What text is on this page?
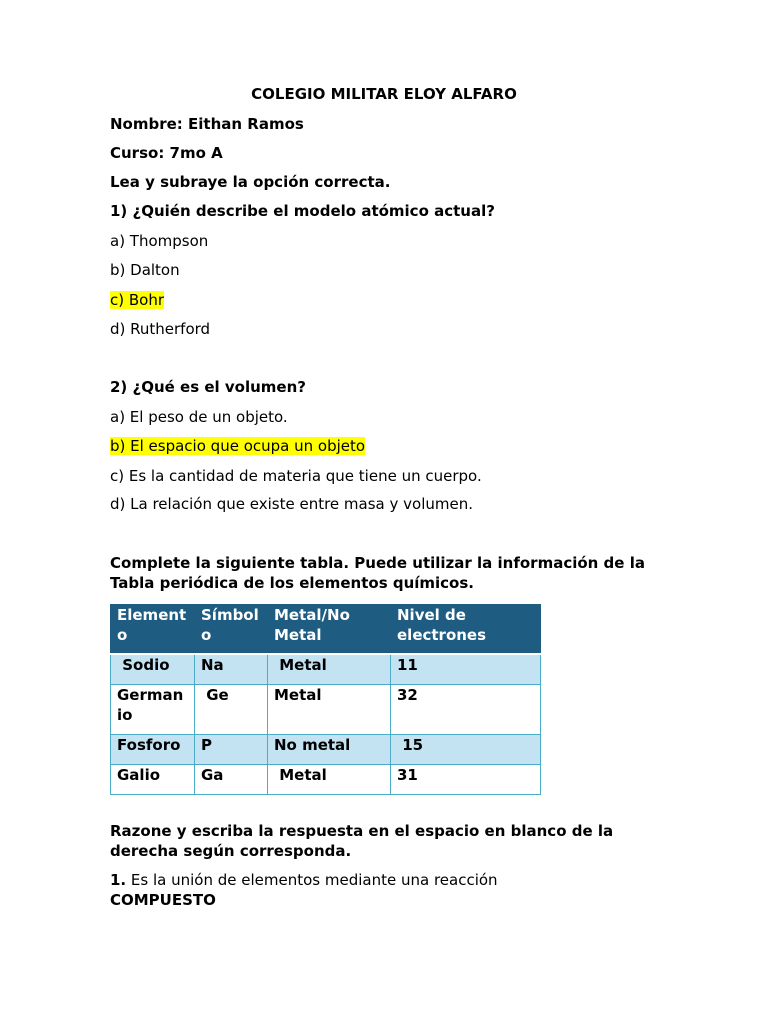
COLEGIO MILITAR ELOY ALFARO
Nombre: Eithan Ramos
Curso: 7mo A
Lea y subraye la opción correcta.
1) ¿Quién describe el modelo atómico actual?
a) Thompson
b) Dalton
c) Bohr
d) Rutherford
2) ¿Qué es el volumen?
a) El peso de un objeto.
b) El espacio que ocupa un objeto
c) Es la cantidad de materia que tiene un cuerpo.
d) La relación que existe entre masa y volumen.
Complete la siguiente tabla. Puede utilizar la información de la Tabla periódica de los elementos químicos.
Elemento	Símbolo	Metal/No Metal	Nivel de electrones
Sodio	Na	Metal	11
Germanio	Ge	Metal	32
Fosforo	P	No metal	15
Galio	Ga	Metal	31
Razone y escriba la respuesta en el espacio en blanco de la derecha según corresponda.
1. Es la unión de elementos mediante una reacción
COMPUESTO
